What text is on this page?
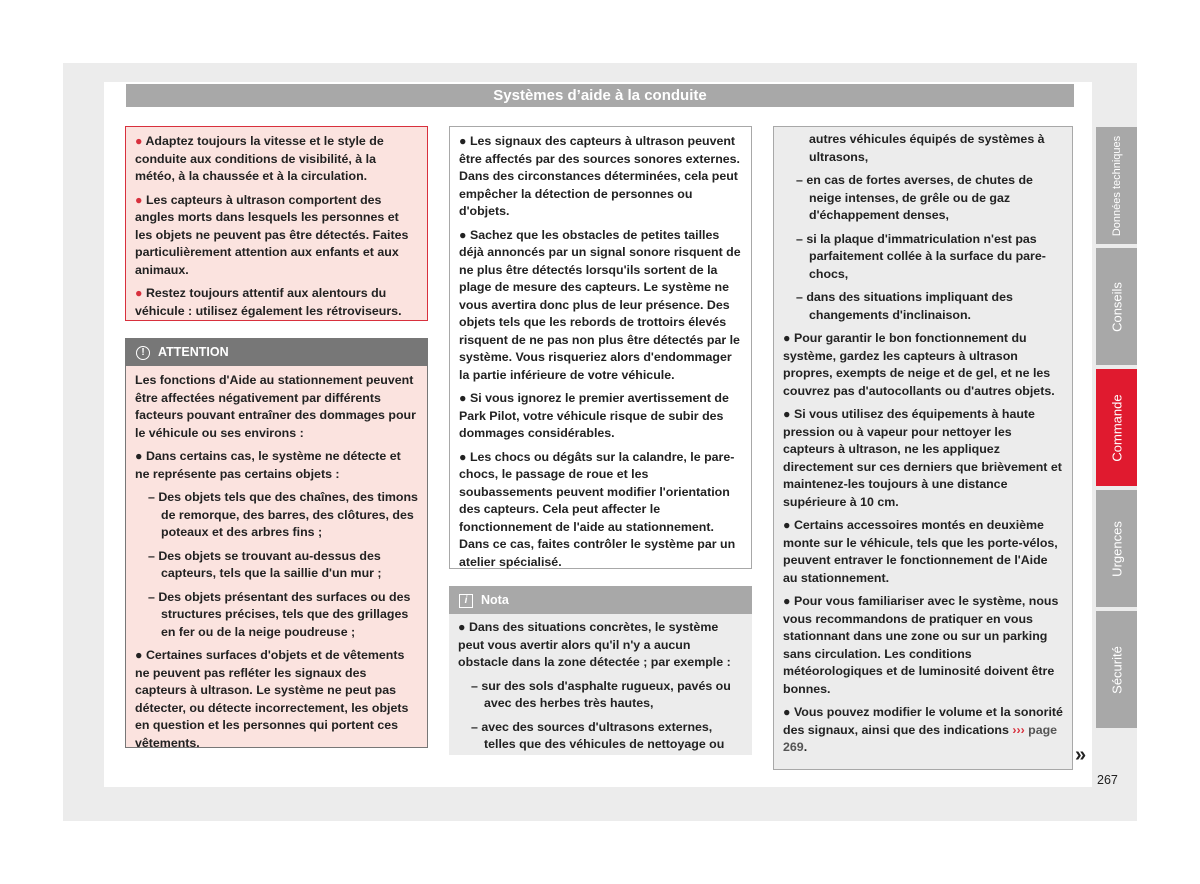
Systèmes d’aide à la conduite

● Adaptez toujours la vitesse et le style de conduite aux conditions de visibilité, à la météo, à la chaussée et à la circulation.

● Les capteurs à ultrason comportent des angles morts dans lesquels les personnes et les objets ne peuvent pas être détectés. Faites particulièrement attention aux enfants et aux animaux.

● Restez toujours attentif aux alentours du véhicule : utilisez également les rétroviseurs.

! ATTENTION

Les fonctions d'Aide au stationnement peuvent être affectées négativement par différents facteurs pouvant entraîner des dommages pour le véhicule ou ses environs :

● Dans certains cas, le système ne détecte et ne représente pas certains objets :

– Des objets tels que des chaînes, des timons de remorque, des barres, des clôtures, des poteaux et des arbres fins ;

– Des objets se trouvant au-dessus des capteurs, tels que la saillie d'un mur ;

– Des objets présentant des surfaces ou des structures précises, tels que des grillages en fer ou de la neige poudreuse ;

● Certaines surfaces d'objets et de vêtements ne peuvent pas refléter les signaux des capteurs à ultrason. Le système ne peut pas détecter, ou détecte incorrectement, les objets en question et les personnes qui portent ces vêtements.

● Les signaux des capteurs à ultrason peuvent être affectés par des sources sonores externes. Dans des circonstances déterminées, cela peut empêcher la détection de personnes ou d'objets.

● Sachez que les obstacles de petites tailles déjà annoncés par un signal sonore risquent de ne plus être détectés lorsqu'ils sortent de la plage de mesure des capteurs. Le système ne vous avertira donc plus de leur présence. Des objets tels que les rebords de trottoirs élevés risquent de ne pas non plus être détectés par le système. Vous risqueriez alors d'endommager la partie inférieure de votre véhicule.

● Si vous ignorez le premier avertissement de Park Pilot, votre véhicule risque de subir des dommages considérables.

● Les chocs ou dégâts sur la calandre, le pare-chocs, le passage de roue et les soubassements peuvent modifier l'orientation des capteurs. Cela peut affecter le fonctionnement de l'aide au stationnement. Dans ce cas, faites contrôler le système par un atelier spécialisé.

i Nota

● Dans des situations concrètes, le système peut vous avertir alors qu'il n'y a aucun obstacle dans la zone détectée ; par exemple :

– sur des sols d'asphalte rugueux, pavés ou avec des herbes très hautes,

– avec des sources d'ultrasons externes, telles que des véhicules de nettoyage ou

autres véhicules équipés de systèmes à ultrasons,

– en cas de fortes averses, de chutes de neige intenses, de grêle ou de gaz d'échappement denses,

– si la plaque d'immatriculation n'est pas parfaitement collée à la surface du pare-chocs,

– dans des situations impliquant des changements d'inclinaison.

● Pour garantir le bon fonctionnement du système, gardez les capteurs à ultrason propres, exempts de neige et de gel, et ne les couvrez pas d'autocollants ou d'autres objets.

● Si vous utilisez des équipements à haute pression ou à vapeur pour nettoyer les capteurs à ultrason, ne les appliquez directement sur ces derniers que brièvement et maintenez-les toujours à une distance supérieure à 10 cm.

● Certains accessoires montés en deuxième monte sur le véhicule, tels que les porte-vélos, peuvent entraver le fonctionnement de l'Aide au stationnement.

● Pour vous familiariser avec le système, nous vous recommandons de pratiquer en vous stationnant dans une zone ou sur un parking sans circulation. Les conditions météorologiques et de luminosité doivent être bonnes.

● Vous pouvez modifier le volume et la sonorité des signaux, ainsi que des indications ››› page 269.

Données techniques
Conseils
Commande
Urgences
Sécurité
»
267
